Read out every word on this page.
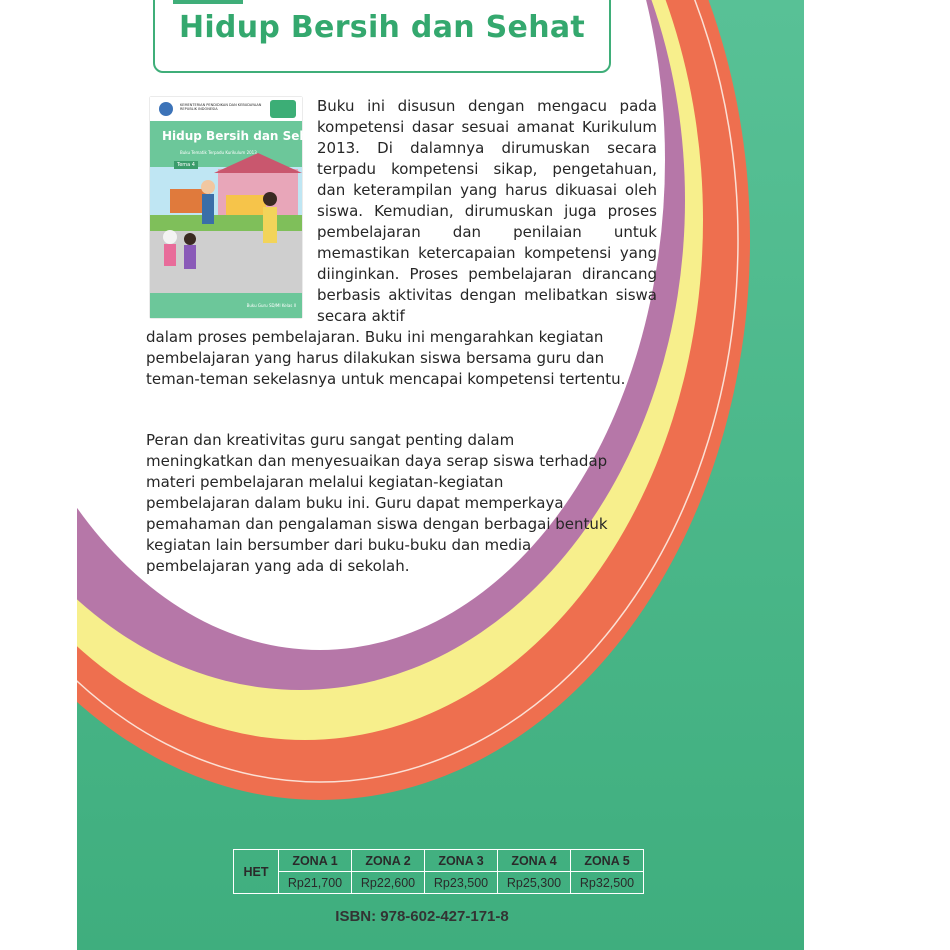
Hidup Bersih dan Sehat
KEMENTERIAN PENDIDIKAN DAN KEBUDAYAAN REPUBLIK INDONESIA
Hidup Bersih dan Sehat
Buku Tematik Terpadu Kurikulum 2013
Tema 4
Buku Guru SD/MI Kelas II
Buku ini disusun dengan mengacu pada kompetensi dasar sesuai amanat Kurikulum 2013. Di dalamnya dirumuskan secara terpadu kompetensi sikap, pengetahuan, dan keterampilan yang harus dikuasai oleh siswa. Kemudian, dirumuskan juga proses pembelajaran dan penilaian untuk memastikan ketercapaian kompetensi yang diinginkan. Proses pembelajaran dirancang berbasis aktivitas dengan melibatkan siswa secara aktif
dalam proses pembelajaran. Buku ini mengarahkan kegiatan pembelajaran yang harus dilakukan siswa bersama guru dan teman-teman sekelasnya untuk mencapai kompetensi tertentu.
Peran dan kreativitas guru sangat penting dalam meningkatkan dan menyesuaikan daya serap siswa terhadap materi pembelajaran melalui kegiatan-kegiatan pembelajaran dalam buku ini. Guru dapat memperkaya pemahaman dan pengalaman siswa dengan berbagai bentuk kegiatan lain bersumber dari buku-buku dan media pembelajaran yang ada di sekolah.
HET	ZONA 1	ZONA 2	ZONA 3	ZONA 4	ZONA 5
	Rp21,700	Rp22,600	Rp23,500	Rp25,300	Rp32,500
ISBN: 978-602-427-171-8
